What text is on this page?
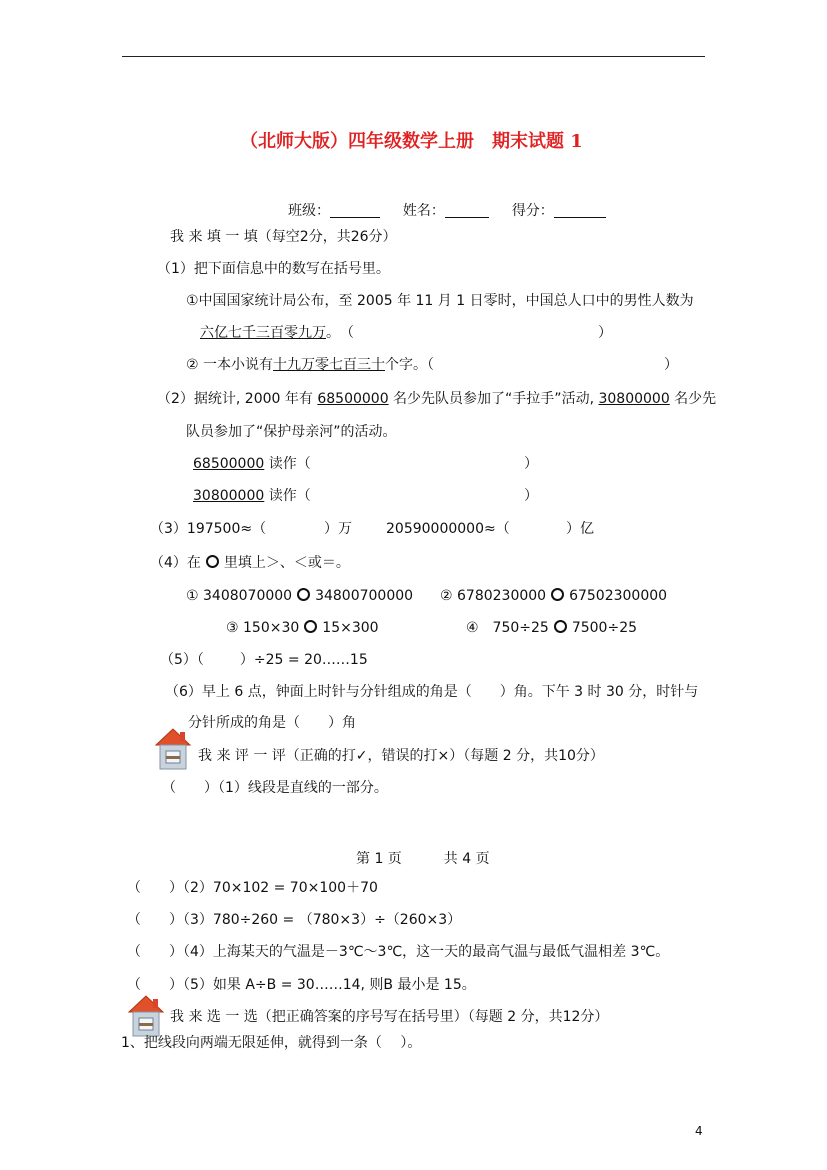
（北师大版）四年级数学上册　期末试题 1
班级：	姓名：	得分：
我 来 填 一 填（每空2分，共26分）
（1）把下面信息中的数写在括号里。
①中国国家统计局公布，至 2005 年 11 月 1 日零时，中国总人口中的男性人数为
六亿七千三百零九万。　（	）
② 一本小说有十九万零七百三十个字。（	）
（2）据统计, 2000 年有 68500000 名少先队员参加了“手拉手”活动, 30800000 名少先
队员参加了“保护母亲河”的活动。
68500000 读作（	）
30800000 读作（	）
（3）197500≈（	）万 20590000000≈（	）亿
（4）在 里填上＞、＜或＝。
① 3408070000 34800700000 ② 6780230000 67502300000
③ 150×30 15×300	④　750÷25 7500÷25
（5）（	）÷25 = 20……15
（6）早上 6 点，钟面上时针与分针组成的角是（　　）角。下午 3 时 30 分，时针与
分针所成的角是（　　）角
我 来 评 一 评（正确的打✓，错误的打×）（每题 2 分，共10分）
（　　）（1）线段是直线的一部分。
第 1 页　　　共 4 页
（　　）（2）70×102 = 70×100＋70
（　　）（3）780÷260 = （780×3）÷（260×3）
（　　）（4）上海某天的气温是－3℃～3℃，这一天的最高气温与最低气温相差 3℃。
（　　）（5）如果 A÷B = 30……14, 则B 最小是 15。
我 来 选 一 选（把正确答案的序号写在括号里）（每题 2 分，共12分）
1、把线段向两端无限延伸，就得到一条（　 ）。
4
